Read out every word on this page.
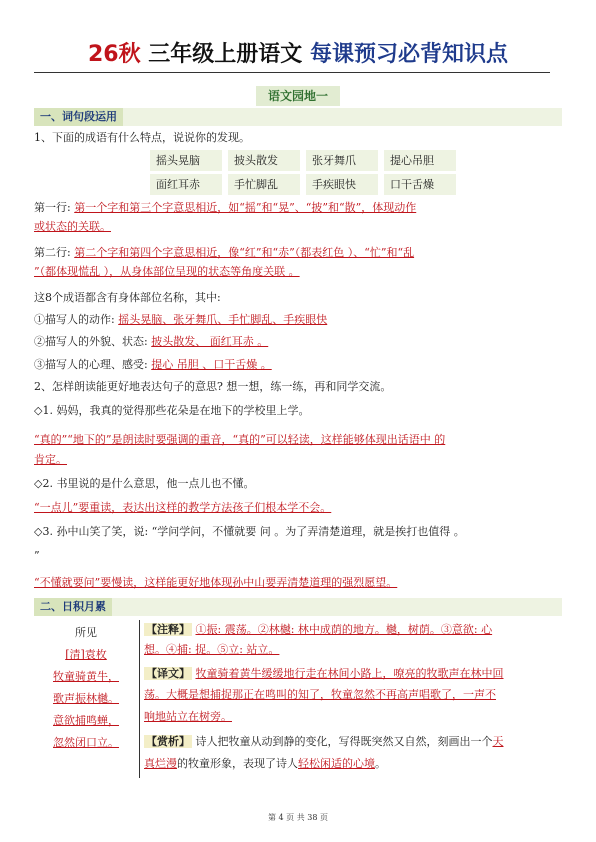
26秋 三年级上册语文 每课预习必背知识点
语文园地一
一、词句段运用
1、下面的成语有什么特点，说说你的发现。
摇头晃脑	披头散发	张牙舞爪	提心吊胆
面红耳赤	手忙脚乱	手疾眼快	口干舌燥
第一行: 第一个字和第三个字意思相近，如“摇”和“晃”、“披”和“散”，体现动作
或状态的关联。
第二行: 第二个字和第四个字意思相近，像“红”和“赤”（都表红色 ）、“忙”和“乱
”（都体现慌乱 ），从身体部位呈现的状态等角度关联 。
这8个成语都含有身体部位名称，其中:
①描写人的动作: 摇头晃脑、张牙舞爪、手忙脚乱、手疾眼快
②描写人的外貌、状态: 披头散发、 面红耳赤 。
③描写人的心理、感受: 提心 吊胆 、口干舌燥 。
2、怎样朗读能更好地表达句子的意思? 想一想，练一练，再和同学交流。
◇1. 妈妈，我真的觉得那些花朵是在地下的学校里上学。
“真的”“地下的”是朗读时要强调的重音，“真的”可以轻读，这样能够体现出话语中 的
肯定。
◇2. 书里说的是什么意思，他一点儿也不懂。
“一点儿”要重读，表达出这样的教学方法孩子们根本学不会。
◇3. 孙中山笑了笑，说: “学问学问，不懂就要 问 。为了弄清楚道理，就是挨打也值得 。
”
“不懂就要问”要慢读，这样能更好地体现孙中山要弄清楚道理的强烈愿望。
二、日积月累
所见
[清]袁枚
牧童骑黄牛，
歌声振林樾。
意欲捕鸣蝉，
忽然闭口立。
【注释】 ①振: 震荡。②林樾: 林中成荫的地方。樾，树荫。③意欲: 心
想。④捕: 捉。⑤立: 站立。
【译文】 牧童骑着黄牛缓缓地行走在林间小路上，嘹亮的牧歌声在林中回
荡。大概是想捕捉那正在鸣叫的知了，牧童忽然不再高声唱歌了，一声不
响地站立在树旁。
【赏析】 诗人把牧童从动到静的变化，写得既突然又自然，刻画出一个天
真烂漫的牧童形象，表现了诗人轻松闲适的心境。
第 4 页 共 38 页
